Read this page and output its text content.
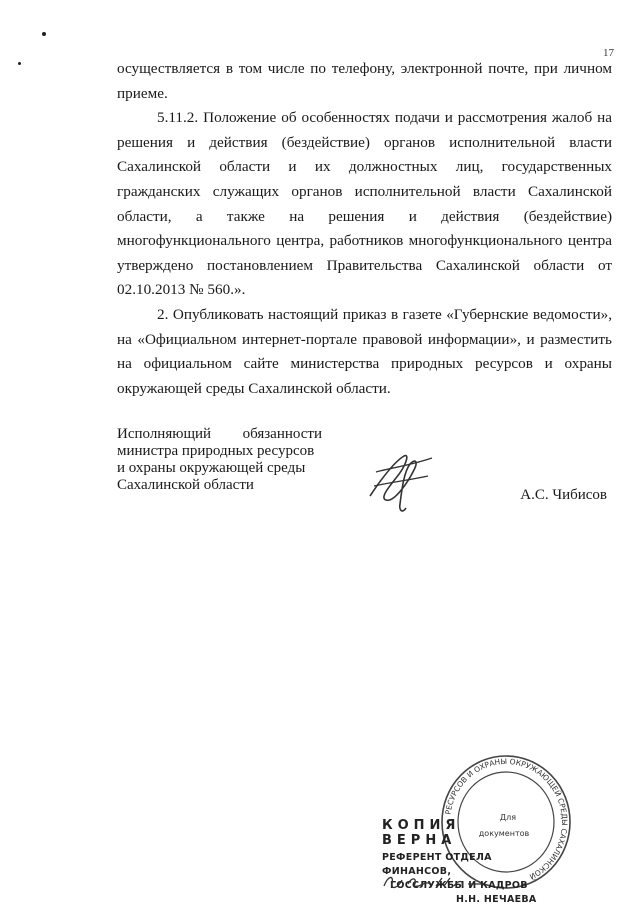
17

осуществляется в том числе по телефону, электронной почте, при личном приеме.

5.11.2. Положение об особенностях подачи и рассмотрения жалоб на решения и действия (бездействие) органов исполнительной власти Сахалинской области и их должностных лиц, государственных гражданских служащих органов исполнительной власти Сахалинской области, а также на решения и действия (бездействие) многофункционального центра, работников многофункционального центра утверждено постановлением Правительства Сахалинской области от 02.10.2013 № 560.».

2. Опубликовать настоящий приказ в газете «Губернские ведомости», на «Официальном интернет-портале правовой информации», и разместить на официальном сайте министерства природных ресурсов и охраны окружающей среды Сахалинской области.

Исполняющий обязанности
министра природных ресурсов
и охраны окружающей среды
Сахалинской области
А.С. Чибисов
РЕСУРСОВ И ОХРАНЫ ОКРУЖАЮЩЕЙ СРЕДЫ САХАЛИНСКОЙ
Для
документов
КОПИЯ ВЕРНА
РЕФЕРЕНТ ОТДЕЛА ФИНАНСОВ,
ГОССЛУЖБЫ И КАДРОВ
Н.Н. НЕЧАЕВА
